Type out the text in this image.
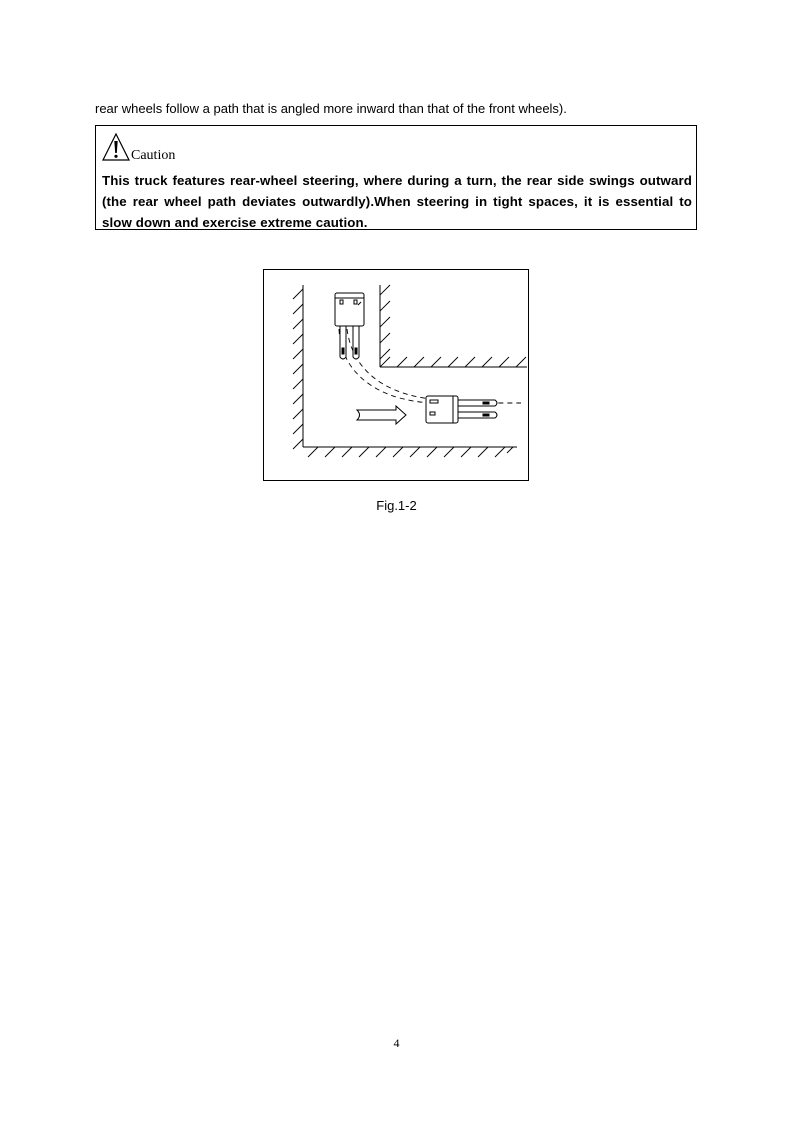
rear wheels follow a path that is angled more inward than that of the front wheels).
Caution

This truck features rear-wheel steering, where during a turn, the rear side swings outward (the rear wheel path deviates outwardly).When steering in tight spaces, it is essential to slow down and exercise extreme caution.

Fig.1-2
4
